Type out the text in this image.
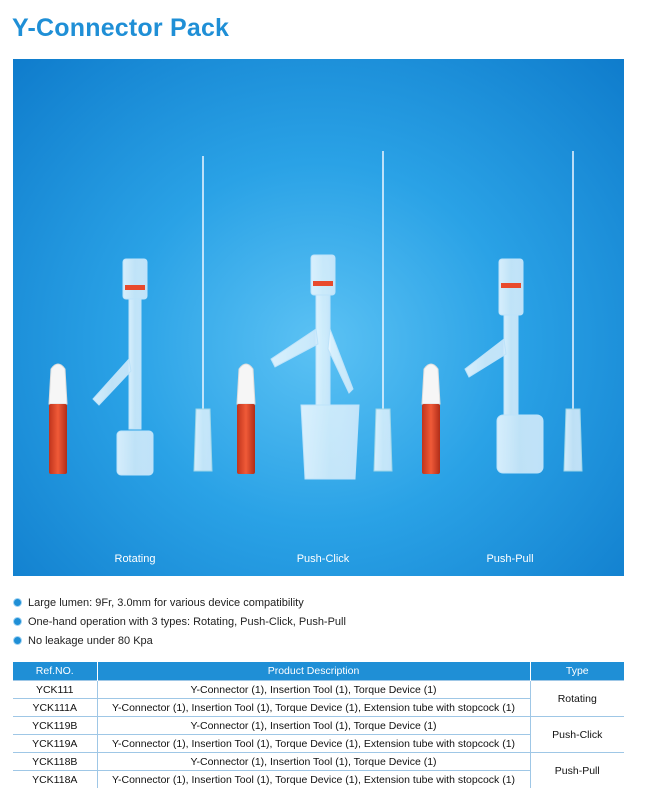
Y-Connector Pack
Rotating	Push-Click	Push-Pull
Large lumen: 9Fr, 3.0mm for various device compatibility
One-hand operation with 3 types: Rotating, Push-Click, Push-Pull
No leakage under 80 Kpa
Ref.NO.	Product Description	Type
YCK111	Y-Connector (1), Insertion Tool (1), Torque Device (1)	Rotating
YCK111A	Y-Connector (1), Insertion Tool (1), Torque Device (1), Extension tube with stopcock (1)	
YCK119B	Y-Connector (1), Insertion Tool (1), Torque Device (1)	Push-Click
YCK119A	Y-Connector (1), Insertion Tool (1), Torque Device (1), Extension tube with stopcock (1)	
YCK118B	Y-Connector (1), Insertion Tool (1), Torque Device (1)	Push-Pull
YCK118A	Y-Connector (1), Insertion Tool (1), Torque Device (1), Extension tube with stopcock (1)	
